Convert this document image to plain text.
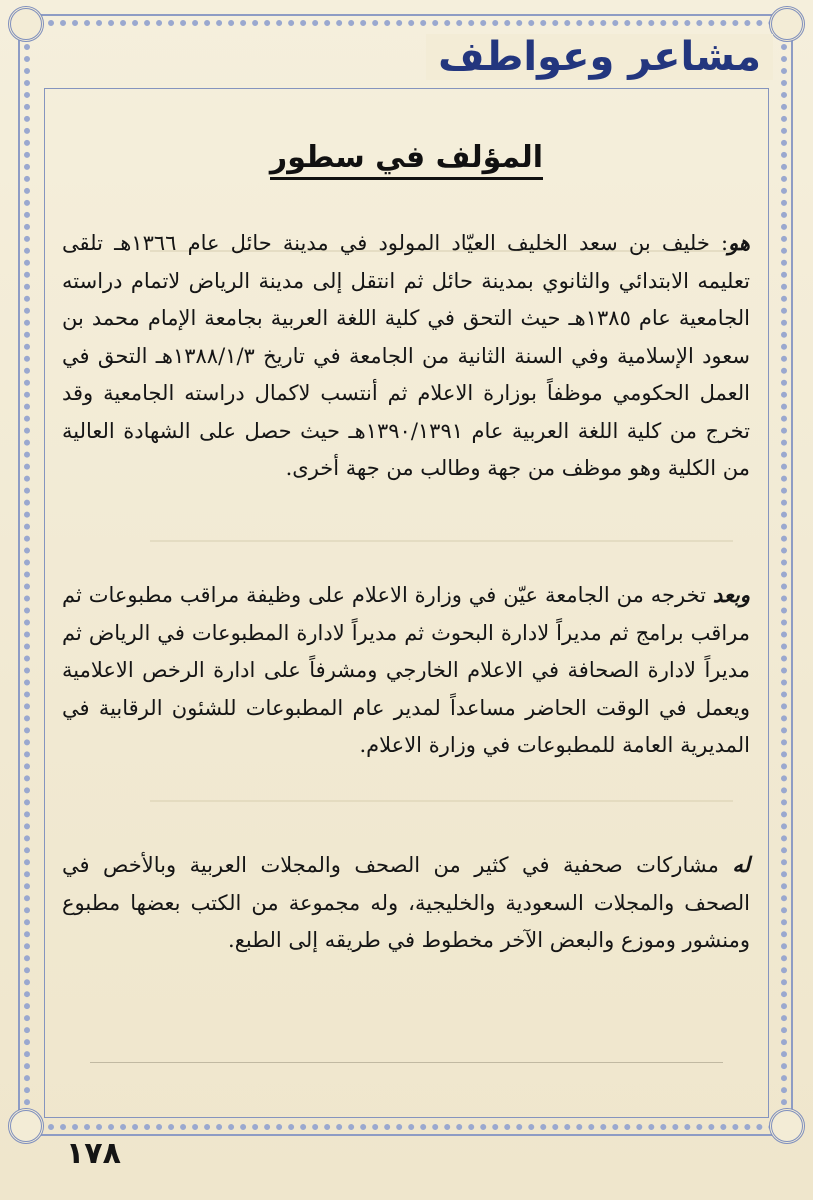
مشاعر وعواطف
المؤلف في سطور
هو: خليف بن سعد الخليف العيّاد المولود في مدينة حائل عام ١٣٦٦هـ تلقى تعليمه الابتدائي والثانوي بمدينة حائل ثم انتقل إلى مدينة الرياض لاتمام دراسته الجامعية عام ١٣٨٥هـ حيث التحق في كلية اللغة العربية بجامعة الإمام محمد بن سعود الإسلامية وفي السنة الثانية من الجامعة في تاريخ ١٣٨٨/١/٣هـ التحق في العمل الحكومي موظفاً بوزارة الاعلام ثم أنتسب لاكمال دراسته الجامعية وقد تخرج من كلية اللغة العربية عام ١٣٩٠/١٣٩١هـ حيث حصل على الشهادة العالية من الكلية وهو موظف من جهة وطالب من جهة أخرى.
وبعد تخرجه من الجامعة عيّن في وزارة الاعلام على وظيفة مراقب مطبوعات ثم مراقب برامج ثم مديراً لادارة البحوث ثم مديراً لادارة المطبوعات في الرياض ثم مديراً لادارة الصحافة في الاعلام الخارجي ومشرفاً على ادارة الرخص الاعلامية ويعمل في الوقت الحاضر مساعداً لمدير عام المطبوعات للشئون الرقابية في المديرية العامة للمطبوعات في وزارة الاعلام.
له مشاركات صحفية في كثير من الصحف والمجلات العربية وبالأخص في الصحف والمجلات السعودية والخليجية، وله مجموعة من الكتب بعضها مطبوع ومنشور وموزع والبعض الآخر مخطوط في طريقه إلى الطبع.
١٧٨
